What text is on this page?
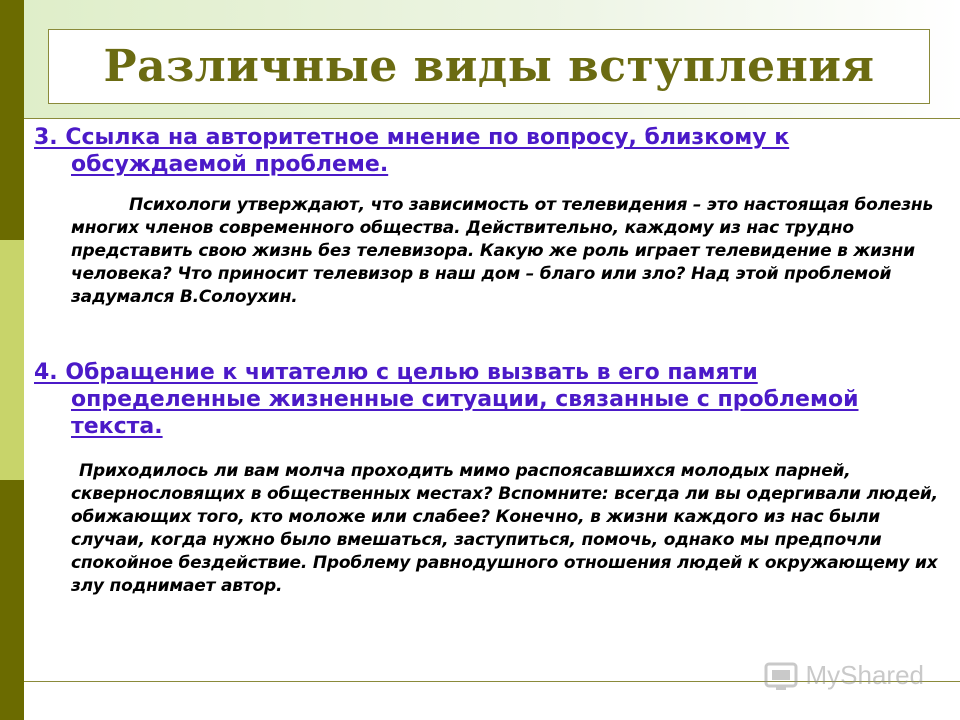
Различные виды вступления

3. Ссылка на авторитетное мнение по вопросу, близкому к обсуждаемой проблеме.

Психологи утверждают, что зависимость от телевидения – это настоящая болезнь многих членов современного общества. Действительно, каждому из нас трудно представить свою жизнь без телевизора. Какую же роль играет телевидение в жизни человека? Что приносит телевизор в наш дом – благо или зло? Над этой проблемой задумался В.Солоухин.

4. Обращение к читателю с целью вызвать в его памяти определенные жизненные ситуации, связанные с проблемой текста.

Приходилось ли вам молча проходить мимо распоясавшихся молодых парней, сквернословящих в общественных местах? Вспомните: всегда ли вы одергивали людей, обижающих того, кто моложе или слабее? Конечно, в жизни каждого из нас были случаи, когда нужно было вмешаться, заступиться, помочь, однако мы предпочли спокойное бездействие. Проблему равнодушного отношения людей к окружающему их злу поднимает автор.

MyShared
